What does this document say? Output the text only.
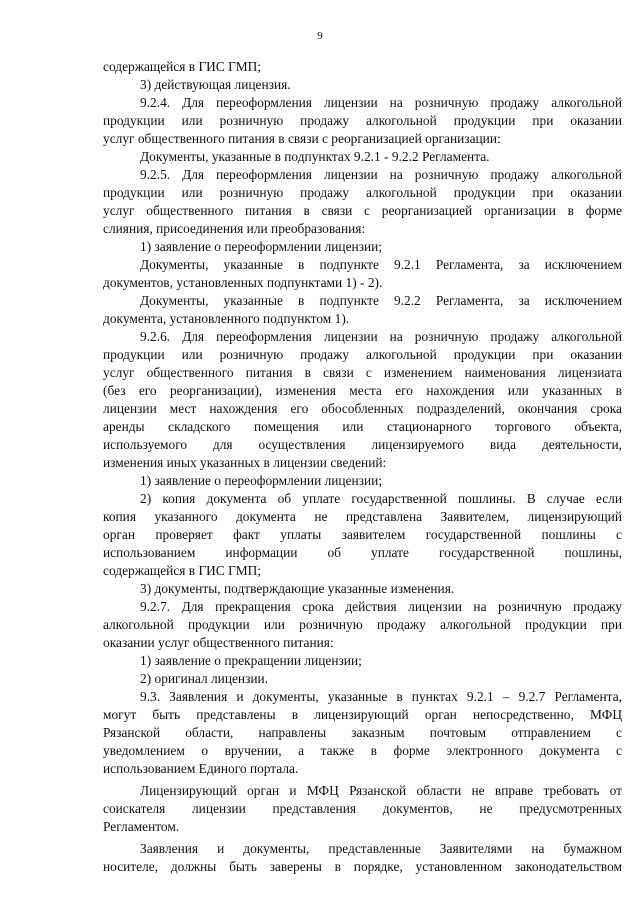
9
содержащейся в ГИС ГМП;
3) действующая лицензия.
9.2.4. Для переоформления лицензии на розничную продажу алкогольной
продукции или розничную продажу алкогольной продукции при оказании
услуг общественного питания в связи с реорганизацией организации:
Документы, указанные в подпунктах 9.2.1 - 9.2.2 Регламента.
9.2.5. Для переоформления лицензии на розничную продажу алкогольной
продукции или розничную продажу алкогольной продукции при оказании
услуг общественного питания в связи с реорганизацией организации в форме
слияния, присоединения или преобразования:
1) заявление о переоформлении лицензии;
Документы, указанные в подпункте 9.2.1 Регламента, за исключением
документов, установленных подпунктами 1) - 2).
Документы, указанные в подпункте 9.2.2 Регламента, за исключением
документа, установленного подпунктом 1).
9.2.6. Для переоформления лицензии на розничную продажу алкогольной
продукции или розничную продажу алкогольной продукции при оказании
услуг общественного питания в связи с изменением наименования лицензиата
(без его реорганизации), изменения места его нахождения или указанных в
лицензии мест нахождения его обособленных подразделений, окончания срока
аренды складского помещения или стационарного торгового объекта,
используемого для осуществления лицензируемого вида деятельности,
изменения иных указанных в лицензии сведений:
1) заявление о переоформлении лицензии;
2) копия документа об уплате государственной пошлины. В случае если
копия указанного документа не представлена Заявителем, лицензирующий
орган проверяет факт уплаты заявителем государственной пошлины с
использованием информации об уплате государственной пошлины,
содержащейся в ГИС ГМП;
3) документы, подтверждающие указанные изменения.
9.2.7. Для прекращения срока действия лицензии на розничную продажу
алкогольной продукции или розничную продажу алкогольной продукции при
оказании услуг общественного питания:
1) заявление о прекращении лицензии;
2) оригинал лицензии.
9.3. Заявления и документы, указанные в пунктах 9.2.1 – 9.2.7 Регламента,
могут быть представлены в лицензирующий орган непосредственно, МФЦ
Рязанской области, направлены заказным почтовым отправлением с
уведомлением о вручении, а также в форме электронного документа с
использованием Единого портала.
Лицензирующий орган и МФЦ Рязанской области не вправе требовать от
соискателя лицензии представления документов, не предусмотренных
Регламентом.
Заявления и документы, представленные Заявителями на бумажном
носителе, должны быть заверены в порядке, установленном законодательством
